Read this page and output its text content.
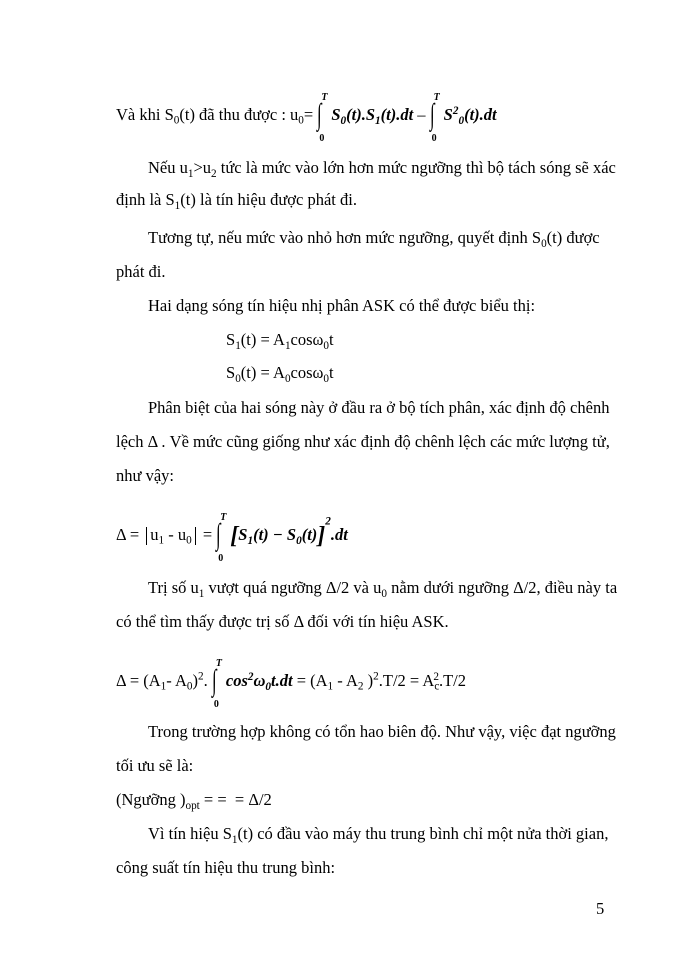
Và khi $S_0(t)$ đã thu được : $u_0=$
T
∫
0
$S_0(t).S_1(t).dt$ –
T
∫
0
$S^2_0(t).dt$
Nếu $u_1>u_2$ tức là mức vào lớn hơn mức ngưỡng thì bộ tách sóng sẽ xác
định là $S_1(t)$ là tín hiệu được phát đi.
Tương tự, nếu mức vào nhỏ hơn mức ngưỡng, quyết định $S_0(t)$ được
phát đi.
Hai dạng sóng tín hiệu nhị phân ASK có thể được biểu thị:
$S_1(t) = A_1\cos\omega_0t$
$S_0(t) = A_0\cos\omega_0t$
Phân biệt của hai sóng này ở đầu ra ở bộ tích phân, xác định độ chênh
lệch Δ . Về mức cũng giống như xác định độ chênh lệch các mức lượng tử,
như vậy:
$\Delta = u_1 - u_0$ =
T
∫
0
$[S_1(t) - S_0(t)]^2.dt$
Trị số $u_1$ vượt quá ngưỡng Δ/2 và $u_0$ nằm dưới ngưỡng Δ/2, điều này ta
có thể tìm thấy được trị số Δ đối với tín hiệu ASK.
$\Delta = (A_1-$ $A_0)^2$.
T
∫
0
$\cos^2\omega_0t.dt = (A_1 - A_2$ )$^2.T/2 = A_c^2.T/2$
Trong trường hợp không có tổn hao biên độ. Như vậy, việc đạt ngưỡng
tối ưu sẽ là:
(Ngưỡng )$_{opt}$ = =  = Δ/2
Vì tín hiệu $S_1(t)$ có đầu vào máy thu trung bình chỉ một nửa thời gian,
công suất tín hiệu thu trung bình:
5
